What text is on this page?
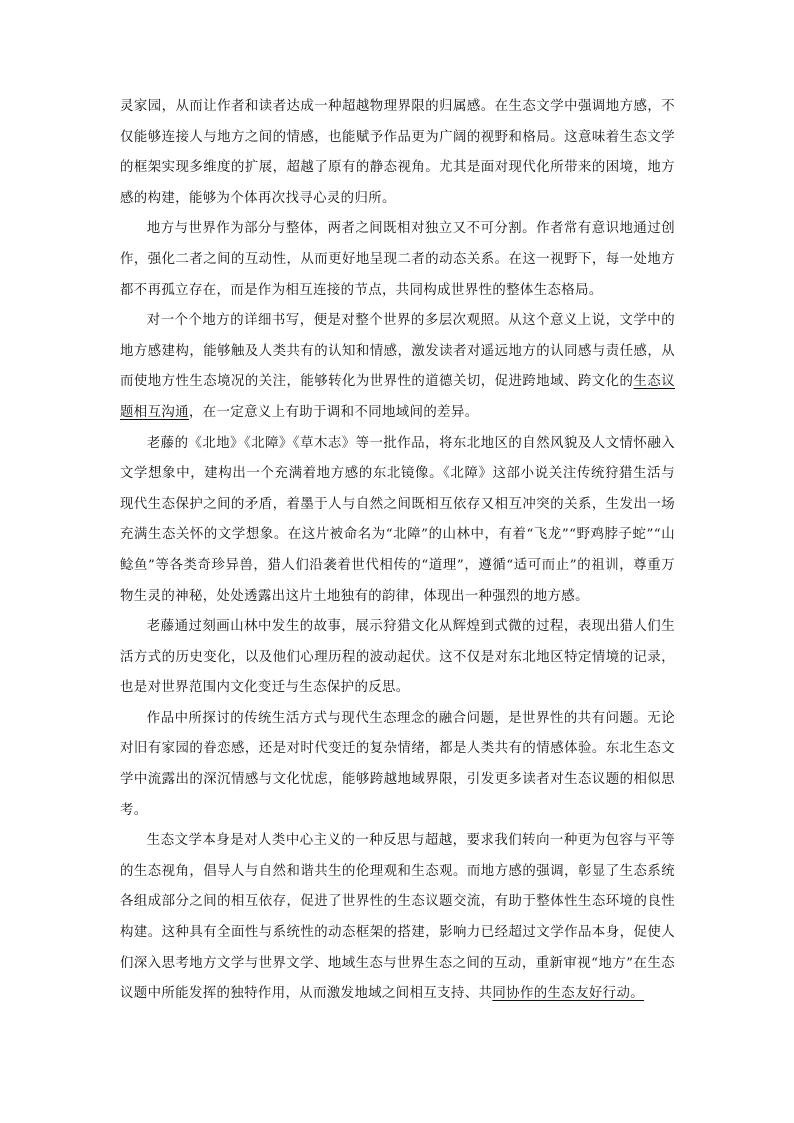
灵家园，从而让作者和读者达成一种超越物理界限的归属感。在生态文学中强调地方感，不仅能够连接人与地方之间的情感，也能赋予作品更为广阔的视野和格局。这意味着生态文学的框架实现多维度的扩展，超越了原有的静态视角。尤其是面对现代化所带来的困境，地方感的构建，能够为个体再次找寻心灵的归所。

地方与世界作为部分与整体，两者之间既相对独立又不可分割。作者常有意识地通过创作，强化二者之间的互动性，从而更好地呈现二者的动态关系。在这一视野下，每一处地方都不再孤立存在，而是作为相互连接的节点，共同构成世界性的整体生态格局。

对一个个地方的详细书写，便是对整个世界的多层次观照。从这个意义上说，文学中的地方感建构，能够触及人类共有的认知和情感，激发读者对遥远地方的认同感与责任感，从而使地方性生态境况的关注，能够转化为世界性的道德关切，促进跨地域、跨文化的生态议题相互沟通，在一定意义上有助于调和不同地域间的差异。

老藤的《北地》《北障》《草木志》等一批作品，将东北地区的自然风貌及人文情怀融入文学想象中，建构出一个充满着地方感的东北镜像。《北障》这部小说关注传统狩猎生活与现代生态保护之间的矛盾，着墨于人与自然之间既相互依存又相互冲突的关系，生发出一场充满生态关怀的文学想象。在这片被命名为“北障”的山林中，有着“飞龙”“野鸡脖子蛇”“山鲶鱼”等各类奇珍异兽，猎人们沿袭着世代相传的“道理”，遵循“适可而止”的祖训，尊重万物生灵的神秘，处处透露出这片土地独有的韵律，体现出一种强烈的地方感。

老藤通过刻画山林中发生的故事，展示狩猎文化从辉煌到式微的过程，表现出猎人们生活方式的历史变化，以及他们心理历程的波动起伏。这不仅是对东北地区特定情境的记录，也是对世界范围内文化变迁与生态保护的反思。

作品中所探讨的传统生活方式与现代生态理念的融合问题，是世界性的共有问题。无论对旧有家园的眷恋感，还是对时代变迁的复杂情绪，都是人类共有的情感体验。东北生态文学中流露出的深沉情感与文化忧虑，能够跨越地域界限，引发更多读者对生态议题的相似思考。

生态文学本身是对人类中心主义的一种反思与超越，要求我们转向一种更为包容与平等的生态视角，倡导人与自然和谐共生的伦理观和生态观。而地方感的强调，彰显了生态系统各组成部分之间的相互依存，促进了世界性的生态议题交流，有助于整体性生态环境的良性构建。这种具有全面性与系统性的动态框架的搭建，影响力已经超过文学作品本身，促使人们深入思考地方文学与世界文学、地域生态与世界生态之间的互动，重新审视“地方”在生态议题中所能发挥的独特作用，从而激发地域之间相互支持、共同协作的生态友好行动。
